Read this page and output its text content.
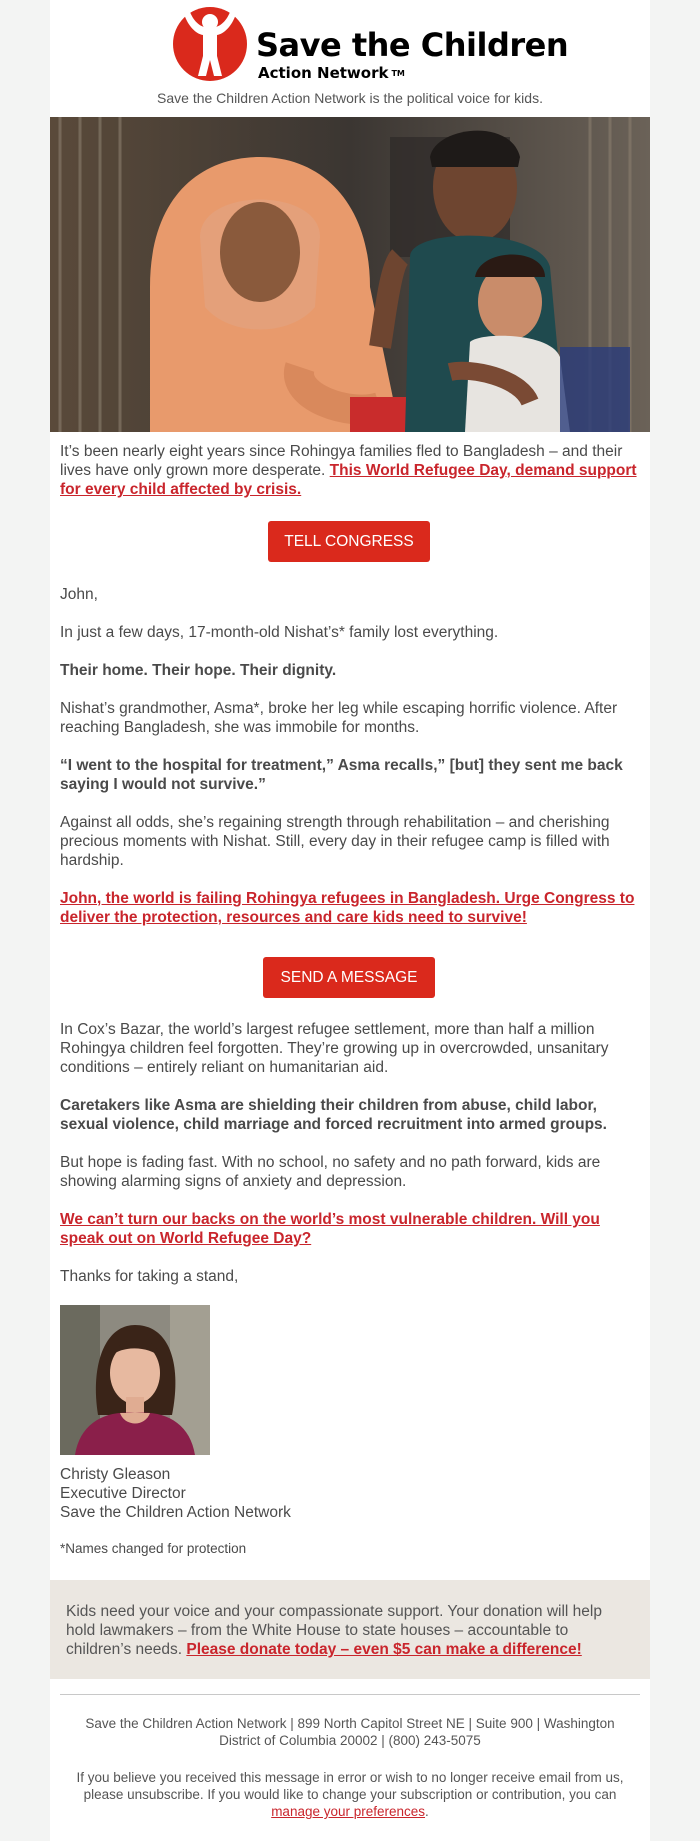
Save the Children
Action Network TM
Save the Children Action Network is the political voice for kids.

It’s been nearly eight years since Rohingya families fled to Bangladesh – and their lives have only grown more desperate. This World Refugee Day, demand support for every child affected by crisis.

TELL CONGRESS

John,

In just a few days, 17-month-old Nishat’s* family lost everything.

Their home. Their hope. Their dignity.

Nishat’s grandmother, Asma*, broke her leg while escaping horrific violence. After reaching Bangladesh, she was immobile for months.

“I went to the hospital for treatment,” Asma recalls,” [but] they sent me back saying I would not survive.”

Against all odds, she’s regaining strength through rehabilitation – and cherishing precious moments with Nishat. Still, every day in their refugee camp is filled with hardship.

John, the world is failing Rohingya refugees in Bangladesh. Urge Congress to deliver the protection, resources and care kids need to survive!

SEND A MESSAGE

In Cox’s Bazar, the world’s largest refugee settlement, more than half a million Rohingya children feel forgotten. They’re growing up in overcrowded, unsanitary conditions – entirely reliant on humanitarian aid.

Caretakers like Asma are shielding their children from abuse, child labor, sexual violence, child marriage and forced recruitment into armed groups.

But hope is fading fast. With no school, no safety and no path forward, kids are showing alarming signs of anxiety and depression.

We can’t turn our backs on the world’s most vulnerable children. Will you speak out on World Refugee Day?

Thanks for taking a stand,

Christy Gleason

Executive Director

Save the Children Action Network

*Names changed for protection

Kids need your voice and your compassionate support. Your donation will help hold lawmakers – from the White House to state houses – accountable to children’s needs. Please donate today – even $5 can make a difference!

Save the Children Action Network | 899 North Capitol Street NE | Suite 900 | Washington District of Columbia 20002 | (800) 243-5075

If you believe you received this message in error or wish to no longer receive email from us, please unsubscribe. If you would like to change your subscription or contribution, you can manage your preferences.
